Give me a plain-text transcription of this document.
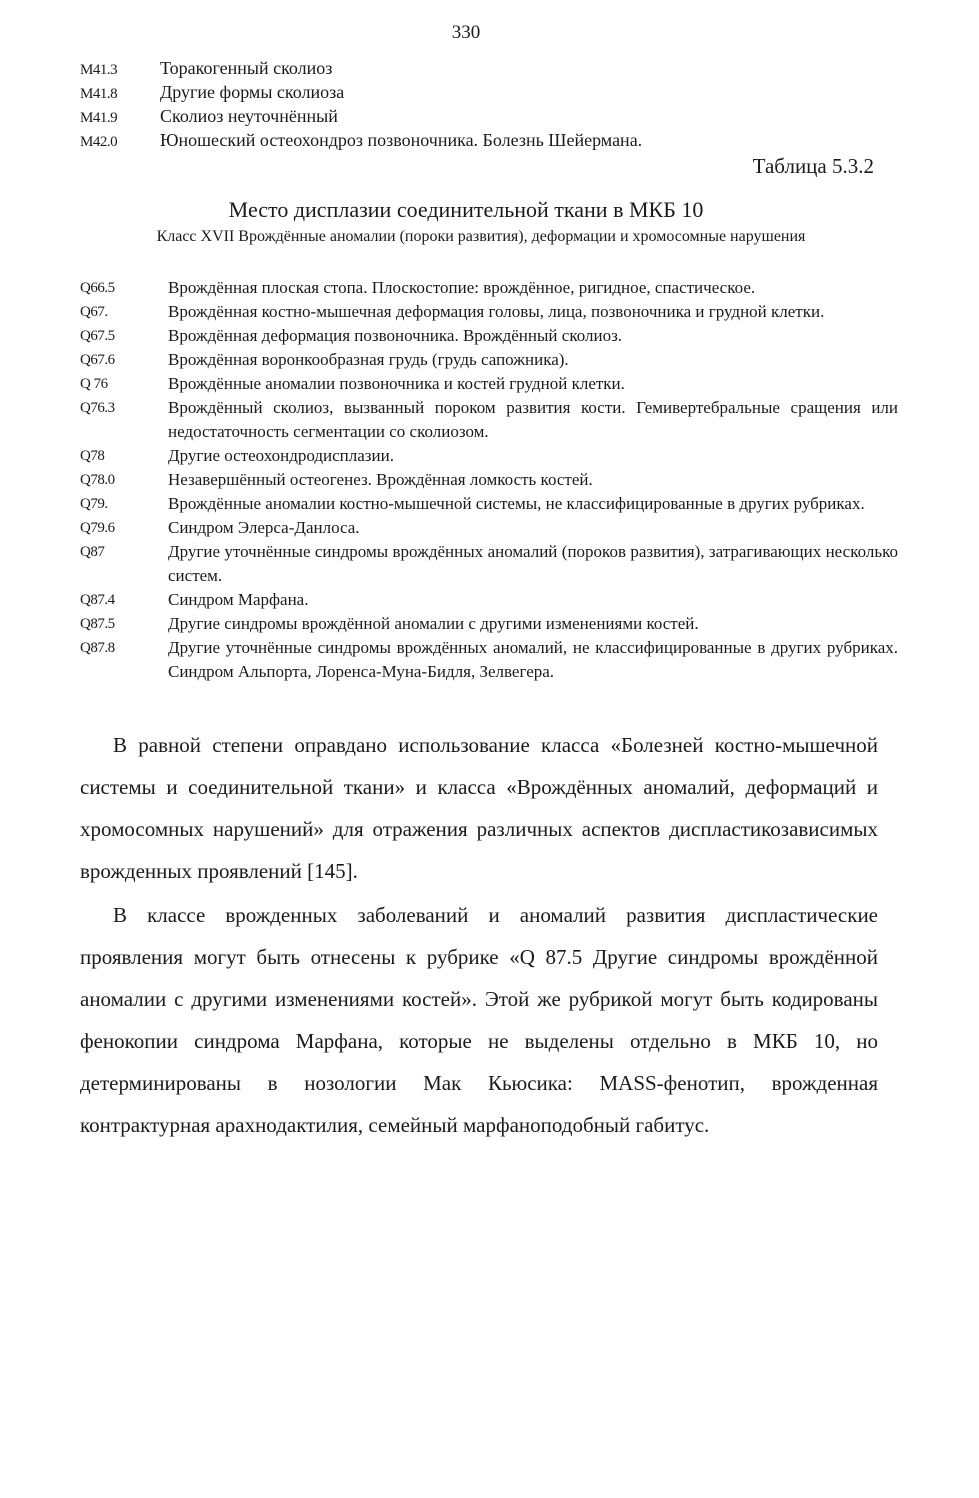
330
M41.3	Торакогенный сколиоз
M41.8	Другие формы сколиоза
M41.9	Сколиоз неуточнённый
M42.0	Юношеский остеохондроз позвоночника. Болезнь Шейермана.
Таблица 5.3.2
Место дисплазии соединительной ткани в МКБ 10
Класс XVII Врождённые аномалии (пороки развития), деформации и хромосомные нарушения
Q66.5	Врождённая плоская стопа. Плоскостопие: врождённое, ригидное, спастическое.
Q67.	Врождённая костно-мышечная деформация головы, лица, позвоночника и грудной клетки.
Q67.5	Врождённая деформация позвоночника. Врождённый сколиоз.
Q67.6	Врождённая воронкообразная грудь (грудь сапожника).
Q 76	Врождённые аномалии позвоночника и костей грудной клетки.
Q76.3	Врождённый сколиоз, вызванный пороком развития кости. Гемивертебральные сращения или недостаточность сегментации со сколиозом.
Q78	Другие остеохондродисплазии.
Q78.0	Незавершённый остеогенез. Врождённая ломкость костей.
Q79.	Врождённые аномалии костно-мышечной системы, не классифицированные в других рубриках.
Q79.6	Синдром Элерса-Данлоса.
Q87	Другие уточнённые синдромы врождённых аномалий (пороков развития), затрагивающих несколько систем.
Q87.4	Синдром Марфана.
Q87.5	Другие синдромы врождённой аномалии с другими изменениями костей.
Q87.8	Другие уточнённые синдромы врождённых аномалий, не классифицированные в других рубриках. Синдром Альпорта, Лоренса-Муна-Бидля, Зелвегера.

В равной степени оправдано использование класса «Болезней костно-мышечной системы и соединительной ткани» и класса «Врождённых аномалий, деформаций и хромосомных нарушений» для отражения различных аспектов диспластикозависимых врожденных проявлений [145].

В классе врожденных заболеваний и аномалий развития диспластические проявления могут быть отнесены к рубрике «Q 87.5 Другие синдромы врождённой аномалии с другими изменениями костей». Этой же рубрикой могут быть кодированы фенокопии синдрома Марфана, которые не выделены отдельно в МКБ 10, но детерминированы в нозологии Мак Кьюсика: MASS-фенотип, врожденная контрактурная арахнодактилия, семейный марфаноподобный габитус.
